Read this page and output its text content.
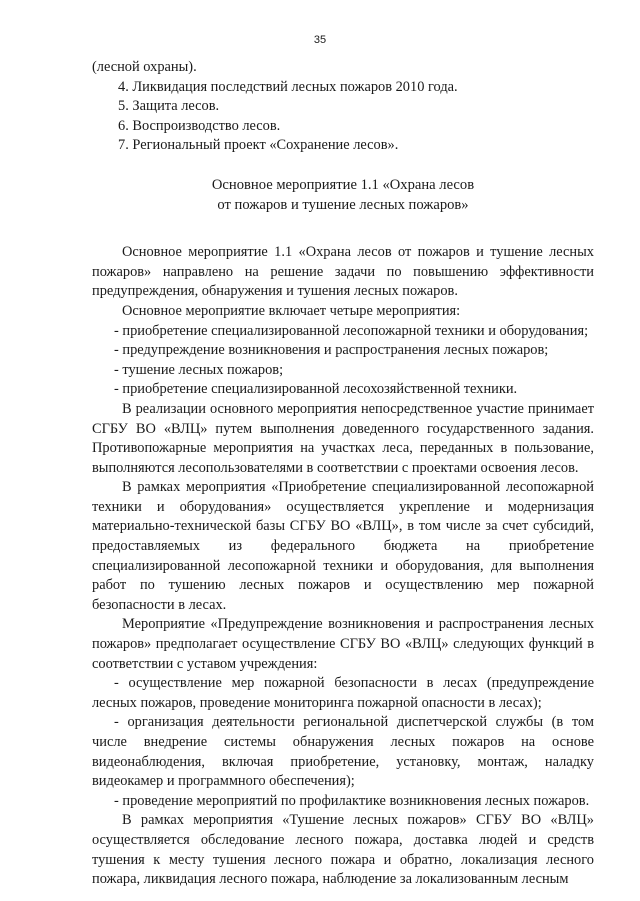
35

(лесной охраны).

4. Ликвидация последствий лесных пожаров 2010 года.
5. Защита лесов.
6. Воспроизводство лесов.
7. Региональный проект «Сохранение лесов».
Основное мероприятие 1.1 «Охрана лесов
от пожаров и тушение лесных пожаров»

Основное мероприятие 1.1 «Охрана лесов от пожаров и тушение лесных пожаров» направлено на решение задачи по повышению эффективности предупреждения, обнаружения и тушения лесных пожаров.

Основное мероприятие включает четыре мероприятия:

- приобретение специализированной лесопожарной техники и оборудования;

- предупреждение возникновения и распространения лесных пожаров;

- тушение лесных пожаров;

- приобретение специализированной лесохозяйственной техники.

В реализации основного мероприятия непосредственное участие принимает СГБУ ВО «ВЛЦ» путем выполнения доведенного государственного задания. Противопожарные мероприятия на участках леса, переданных в пользование, выполняются лесопользователями в соответствии с проектами освоения лесов.

В рамках мероприятия «Приобретение специализированной лесопожарной техники и оборудования» осуществляется укрепление и модернизация материально-технической базы СГБУ ВО «ВЛЦ», в том числе за счет субсидий, предоставляемых из федерального бюджета на приобретение специализированной лесопожарной техники и оборудования, для выполнения работ по тушению лесных пожаров и осуществлению мер пожарной безопасности в лесах.

Мероприятие «Предупреждение возникновения и распространения лесных пожаров» предполагает осуществление СГБУ ВО «ВЛЦ» следующих функций в соответствии с уставом учреждения:

- осуществление мер пожарной безопасности в лесах (предупреждение лесных пожаров, проведение мониторинга пожарной опасности в лесах);

- организация деятельности региональной диспетчерской службы (в том числе внедрение системы обнаружения лесных пожаров на основе видеонаблюдения, включая приобретение, установку, монтаж, наладку видеокамер и программного обеспечения);

- проведение мероприятий по профилактике возникновения лесных пожаров.

В рамках мероприятия «Тушение лесных пожаров» СГБУ ВО «ВЛЦ» осуществляется обследование лесного пожара, доставка людей и средств тушения к месту тушения лесного пожара и обратно, локализация лесного пожара, ликвидация лесного пожара, наблюдение за локализованным лесным
